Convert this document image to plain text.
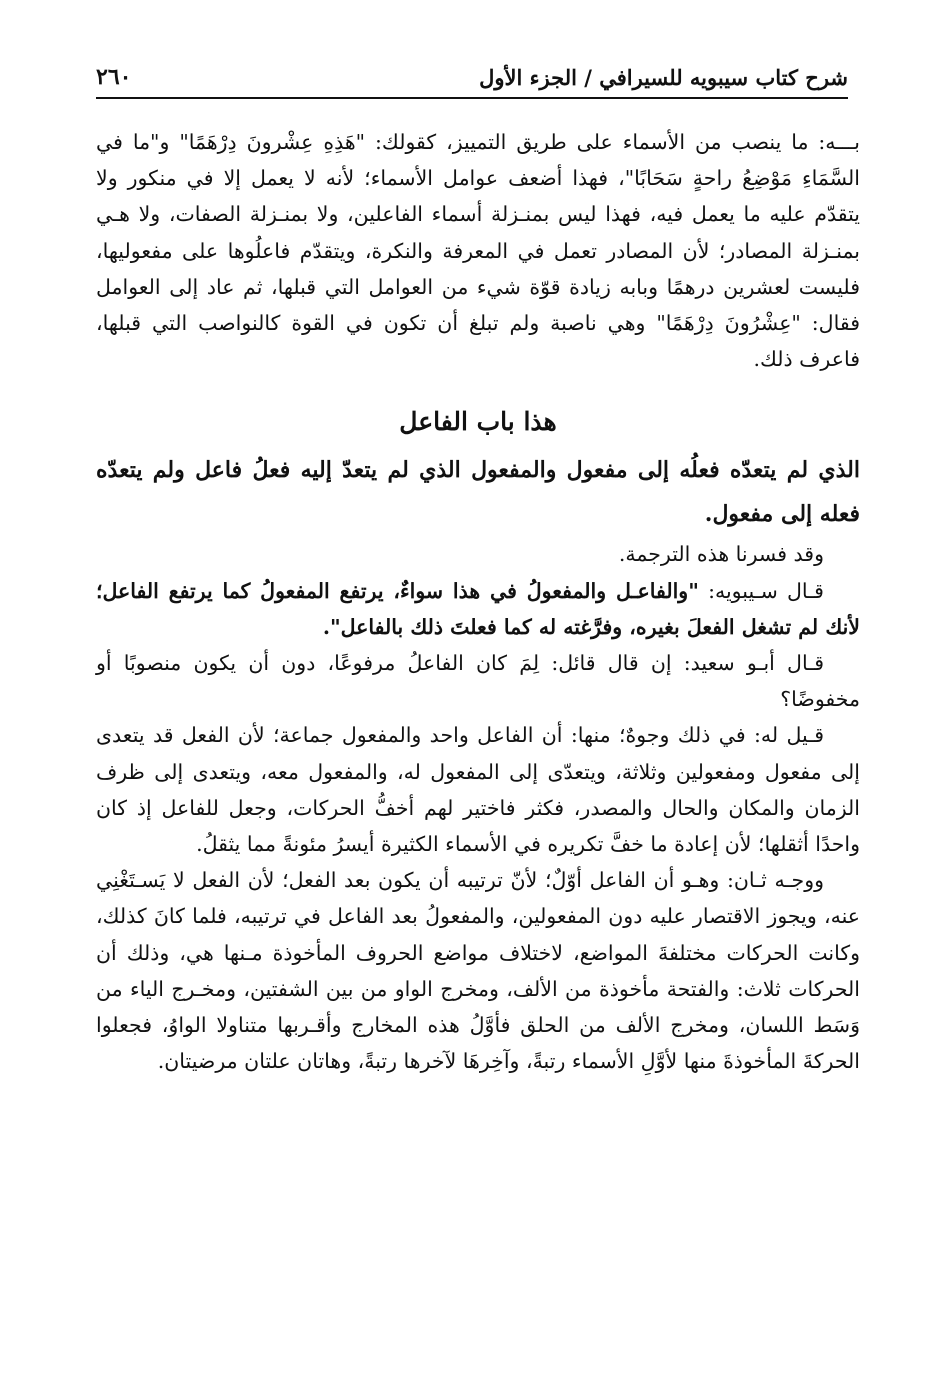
شرح كتاب سيبويه للسيرافي / الجزء الأول
٢٦٠

بـــه: ما ينصب من الأسماء على طريق التمييز، كقولك: "هَذِهِ عِشْرونَ دِرْهَمًا" و"ما في السَّمَاءِ مَوْضِعُ راحةٍ سَحَابًا"، فهذا أضعف عوامل الأسماء؛ لأنه لا يعمل إلا في منكور ولا يتقدّم عليه ما يعمل فيه، فهذا ليس بمنـزلة أسماء الفاعلين، ولا بمنـزلة الصفات، ولا هـي بمنـزلة المصادر؛ لأن المصادر تعمل في المعرفة والنكرة، ويتقدّم فاعلُوها على مفعوليها، فليست لعشرين درهمًا وبابه زيادة قوّة شيء من العوامل التي قبلها، ثم عاد إلى العوامل فقال: "عِشْرُونَ دِرْهَمًا" وهي ناصبة ولم تبلغ أن تكون في القوة كالنواصب التي قبلها، فاعرف ذلك.

هذا باب الفاعل

الذي لم يتعدّه فعلُه إلى مفعول والمفعول الذي لم يتعدّ إليه فعلُ فاعل ولم يتعدّه فعله إلى مفعول.

وقد فسرنا هذه الترجمة.

قـال سـيبويه: "والفاعـل والمفعولُ في هذا سواءٌ، يرتفع المفعولُ كما يرتفع الفاعل؛ لأنك لم تشغل الفعلَ بغيره، وفرَّغته له كما فعلتَ ذلك بالفاعل".

قـال أبـو سعيد: إن قال قائل: لِمَ كان الفاعلُ مرفوعًا، دون أن يكون منصوبًا أو مخفوضًا؟

قـيل له: في ذلك وجوهٌ؛ منها: أن الفاعل واحد والمفعول جماعة؛ لأن الفعل قد يتعدى إلى مفعول ومفعولين وثلاثة، ويتعدّى إلى المفعول له، والمفعول معه، ويتعدى إلى ظرف الزمان والمكان والحال والمصدر، فكثر فاختير لهم أخفُّ الحركات، وجعل للفاعل إذ كان واحدًا أثقلها؛ لأن إعادة ما خفَّ تكريره في الأسماء الكثيرة أيسرُ مئونةً مما يثقلُ.

ووجـه ثـان: وهـو أن الفاعل أوّلٌ؛ لأنّ ترتيبه أن يكون بعد الفعل؛ لأن الفعل لا يَسـتَغْنِي عنه، ويجوز الاقتصار عليه دون المفعولين، والمفعولُ بعد الفاعل في ترتيبه، فلما كانَ كذلك، وكانت الحركات مختلفةَ المواضع، لاختلاف مواضع الحروف المأخوذة مـنها هي، وذلك أن الحركات ثلاث: والفتحة مأخوذة من الألف، ومخرج الواو من بين الشفتين، ومخـرج الياء من وَسَط اللسان، ومخرج الألف من الحلق فأوَّلُ هذه المخارج وأقـربها متناولا الواوُ، فجعلوا الحركةَ المأخوذةَ منها لأوَّلِ الأسماء رتبةً، وآخِرهَا لآخرها رتبةً، وهاتان علتان مرضيتان.
